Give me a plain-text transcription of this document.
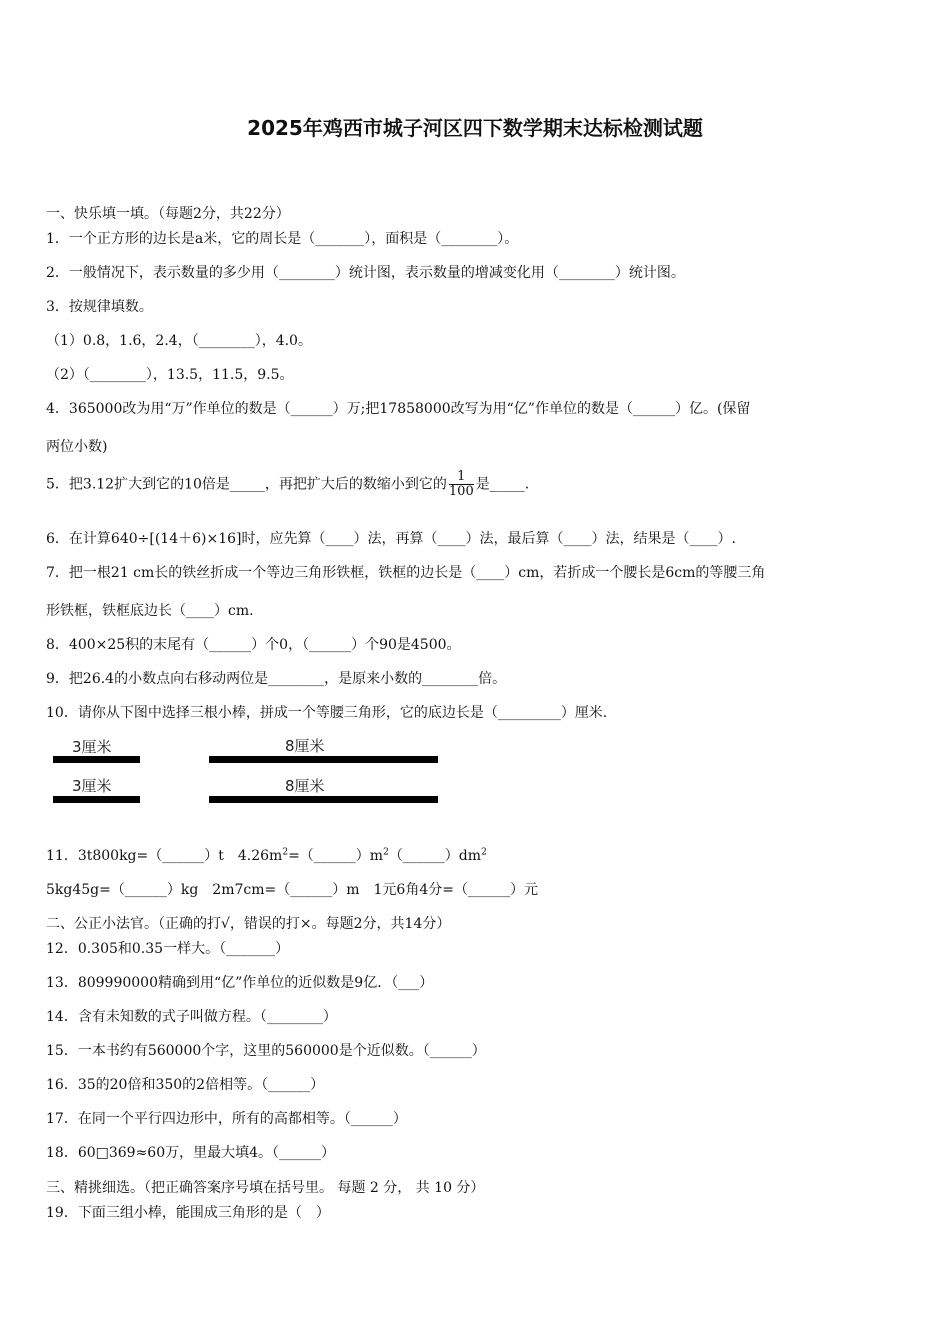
2025年鸡西市城子河区四下数学期末达标检测试题
一、快乐填一填。（每题2分，共22分）
1．一个正方形的边长是a米，它的周长是（_______），面积是（________）。
2．一般情况下，表示数量的多少用（________）统计图，表示数量的增减变化用（________）统计图。
3．按规律填数。
（1）0.8，1.6，2.4，（________），4.0。
（2）（________），13.5，11.5，9.5。
4．365000改为用“万”作单位的数是（______）万;把17858000改写为用“亿”作单位的数是（______）亿。(保留
两位小数)
5．把3.12扩大到它的10倍是_____，再把扩大后的数缩小到它的 $\frac{1}{100}$ 是_____.
6．在计算640÷[(14＋6)×16]时，应先算（____）法，再算（____）法，最后算（____）法，结果是（____）.
7．把一根21 cm长的铁丝折成一个等边三角形铁框，铁框的边长是（____）cm，若折成一个腰长是6cm的等腰三角
形铁框，铁框底边长（____）cm.
8．400×25积的末尾有（______）个0，（______）个90是4500。
9．把26.4的小数点向右移动两位是________，是原来小数的________倍。
10．请你从下图中选择三根小棒，拼成一个等腰三角形，它的底边长是（_________）厘米.
3厘米	8厘米
3厘米	8厘米
11．3t800kg=（______）t　$4.26m^2=(\_\_\_\_\_\_)m^2(\_\_\_\_\_\_)dm^2$
5kg45g=（______）kg　2m7cm=（______）m　1元6角4分=（______）元
二、公正小法官。（正确的打√，错误的打×。每题2分，共14分）
12．0.305和0.35一样大。（_______）
13．809990000精确到用“亿”作单位的近似数是9亿．（___）
14．含有未知数的式子叫做方程。（________）
15．一本书约有560000个字，这里的560000是个近似数。（______）
16．35的20倍和350的2倍相等。（______）
17．在同一个平行四边形中，所有的高都相等。（______）
18．60□369≈60万，里最大填4。（______）
三、精挑细选。（把正确答案序号填在括号里。 每题 2 分， 共 10 分）
19．下面三组小棒，能围成三角形的是（　）
